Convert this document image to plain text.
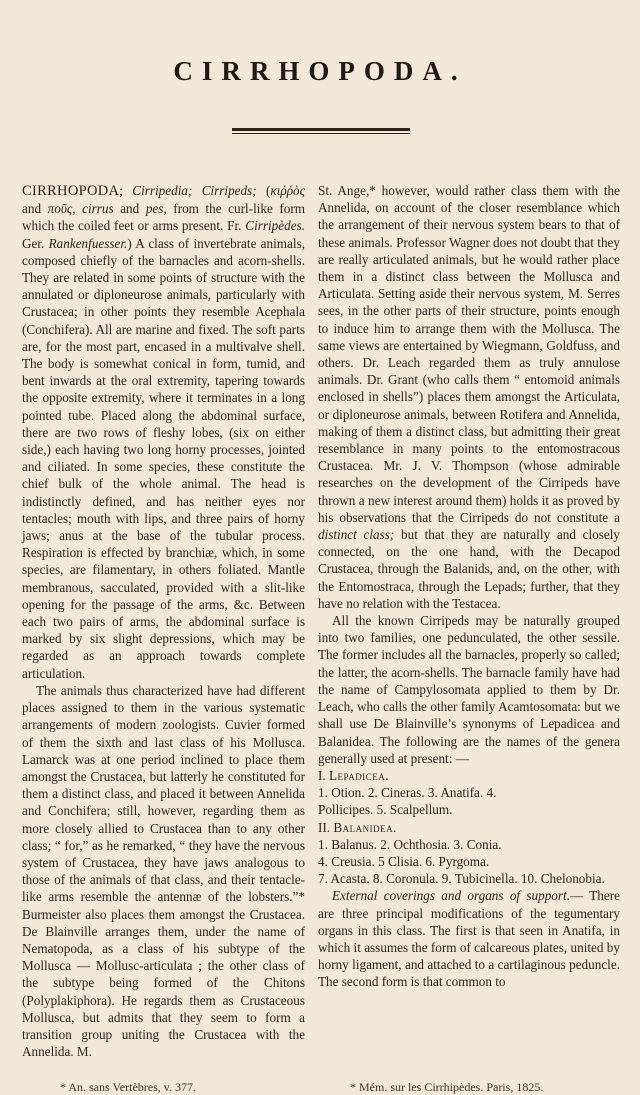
CIRRHOPODA.

CIRRHOPODA; Cirripedia; Cirripeds; (κιῤῥὸς and ποῦς, cirrus and pes, from the curl-like form which the coiled feet or arms present. Fr. Cirripèdes. Ger. Rankenfuesser.) A class of invertebrate animals, composed chiefly of the barnacles and acorn-shells. They are related in some points of structure with the annulated or diploneurose animals, particularly with Crustacea; in other points they resemble Acephala (Conchifera). All are marine and fixed. The soft parts are, for the most part, encased in a multivalve shell. The body is somewhat conical in form, tumid, and bent inwards at the oral extremity, tapering towards the opposite extremity, where it terminates in a long pointed tube. Placed along the abdominal surface, there are two rows of fleshy lobes, (six on either side,) each having two long horny processes, jointed and ciliated. In some species, these constitute the chief bulk of the whole animal. The head is indistinctly defined, and has neither eyes nor tentacles; mouth with lips, and three pairs of horny jaws; anus at the base of the tubular process. Respiration is effected by branchiæ, which, in some species, are filamentary, in others foliated. Mantle membranous, sacculated, provided with a slit-like opening for the passage of the arms, &c. Between each two pairs of arms, the abdominal surface is marked by six slight depressions, which may be regarded as an approach towards complete articulation.

The animals thus characterized have had different places assigned to them in the various systematic arrangements of modern zoologists. Cuvier formed of them the sixth and last class of his Mollusca. Lamarck was at one period inclined to place them amongst the Crustacea, but latterly he constituted for them a distinct class, and placed it between Annelida and Conchifera; still, however, regarding them as more closely allied to Crustacea than to any other class; “ for,” as he remarked, “ they have the nervous system of Crustacea, they have jaws analogous to those of the animals of that class, and their tentacle-like arms resemble the antennæ of the lobsters.”* Burmeister also places them amongst the Crustacea. De Blainville arranges them, under the name of Nematopoda, as a class of his subtype of the Mollusca — Mollusc-articulata ; the other class of the subtype being formed of the Chitons (Polyplakiphora). He regards them as Crustaceous Mollusca, but admits that they seem to form a transition group uniting the Crustacea with the Annelida. M.

St. Ange,* however, would rather class them with the Annelida, on account of the closer resemblance which the arrangement of their nervous system bears to that of these animals. Professor Wagner does not doubt that they are really articulated animals, but he would rather place them in a distinct class between the Mollusca and Articulata. Setting aside their nervous system, M. Serres sees, in the other parts of their structure, points enough to induce him to arrange them with the Mollusca. The same views are entertained by Wiegmann, Goldfuss, and others. Dr. Leach regarded them as truly annulose animals. Dr. Grant (who calls them “ entomoid animals enclosed in shells”) places them amongst the Articulata, or diploneurose animals, between Rotifera and Annelida, making of them a distinct class, but admitting their great resemblance in many points to the entomostracous Crustacea. Mr. J. V. Thompson (whose admirable researches on the development of the Cirripeds have thrown a new interest around them) holds it as proved by his observations that the Cirripeds do not constitute a distinct class; but that they are naturally and closely connected, on the one hand, with the Decapod Crustacea, through the Balanids, and, on the other, with the Entomostraca, through the Lepads; further, that they have no relation with the Testacea.

All the known Cirripeds may be naturally grouped into two families, one pedunculated, the other sessile. The former includes all the barnacles, properly so called; the latter, the acorn-shells. The barnacle family have had the name of Campylosomata applied to them by Dr. Leach, who calls the other family Acamtosomata: but we shall use De Blainville’s synonyms of Lepadicea and Balanidea. The following are the names of the genera generally used at present: —

I. Lepadicea.

1. Otion. 2. Cineras. 3. Anatifa. 4.

Pollicipes. 5. Scalpellum.

II. Balanidea.

1. Balanus. 2. Ochthosia. 3. Conia.

4. Creusia. 5 Clisia. 6. Pyrgoma.

7. Acasta. 8. Coronula. 9. Tubicinella. 10. Chelonobia.

External coverings and organs of support.— There are three principal modifications of the tegumentary organs in this class. The first is that seen in Anatifa, in which it assumes the form of calcareous plates, united by horny ligament, and attached to a cartilaginous peduncle. The second form is that common to

* An. sans Vertèbres, v. 377.	* Mém. sur les Cirrhipèdes. Paris, 1825.
